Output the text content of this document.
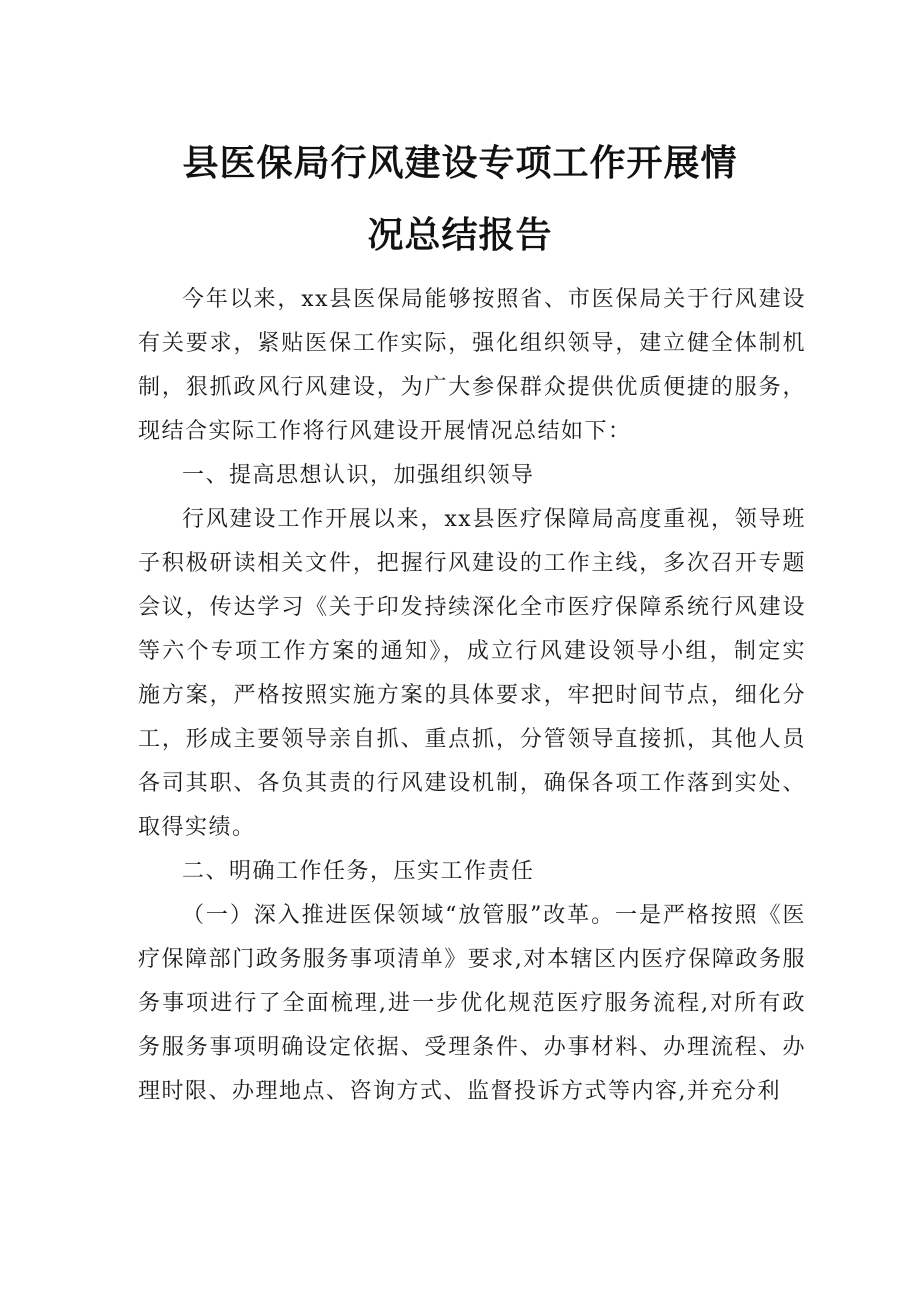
县医保局行风建设专项工作开展情
况总结报告

今年以来，xx县医保局能够按照省、市医保局关于行风建设有关要求，紧贴医保工作实际，强化组织领导，建立健全体制机制，狠抓政风行风建设，为广大参保群众提供优质便捷的服务，现结合实际工作将行风建设开展情况总结如下：

一、提高思想认识，加强组织领导

行风建设工作开展以来，xx县医疗保障局高度重视，领导班子积极研读相关文件，把握行风建设的工作主线，多次召开专题会议，传达学习《关于印发持续深化全市医疗保障系统行风建设等六个专项工作方案的通知》，成立行风建设领导小组，制定实施方案，严格按照实施方案的具体要求，牢把时间节点，细化分工，形成主要领导亲自抓、重点抓，分管领导直接抓，其他人员各司其职、各负其责的行风建设机制，确保各项工作落到实处、取得实绩。

二、明确工作任务，压实工作责任

（一）深入推进医保领域“放管服”改革。一是严格按照《医疗保障部门政务服务事项清单》要求,对本辖区内医疗保障政务服务事项进行了全面梳理,进一步优化规范医疗服务流程,对所有政务服务事项明确设定依据、受理条件、办事材料、办理流程、办理时限、办理地点、咨询方式、监督投诉方式等内容,并充分利
